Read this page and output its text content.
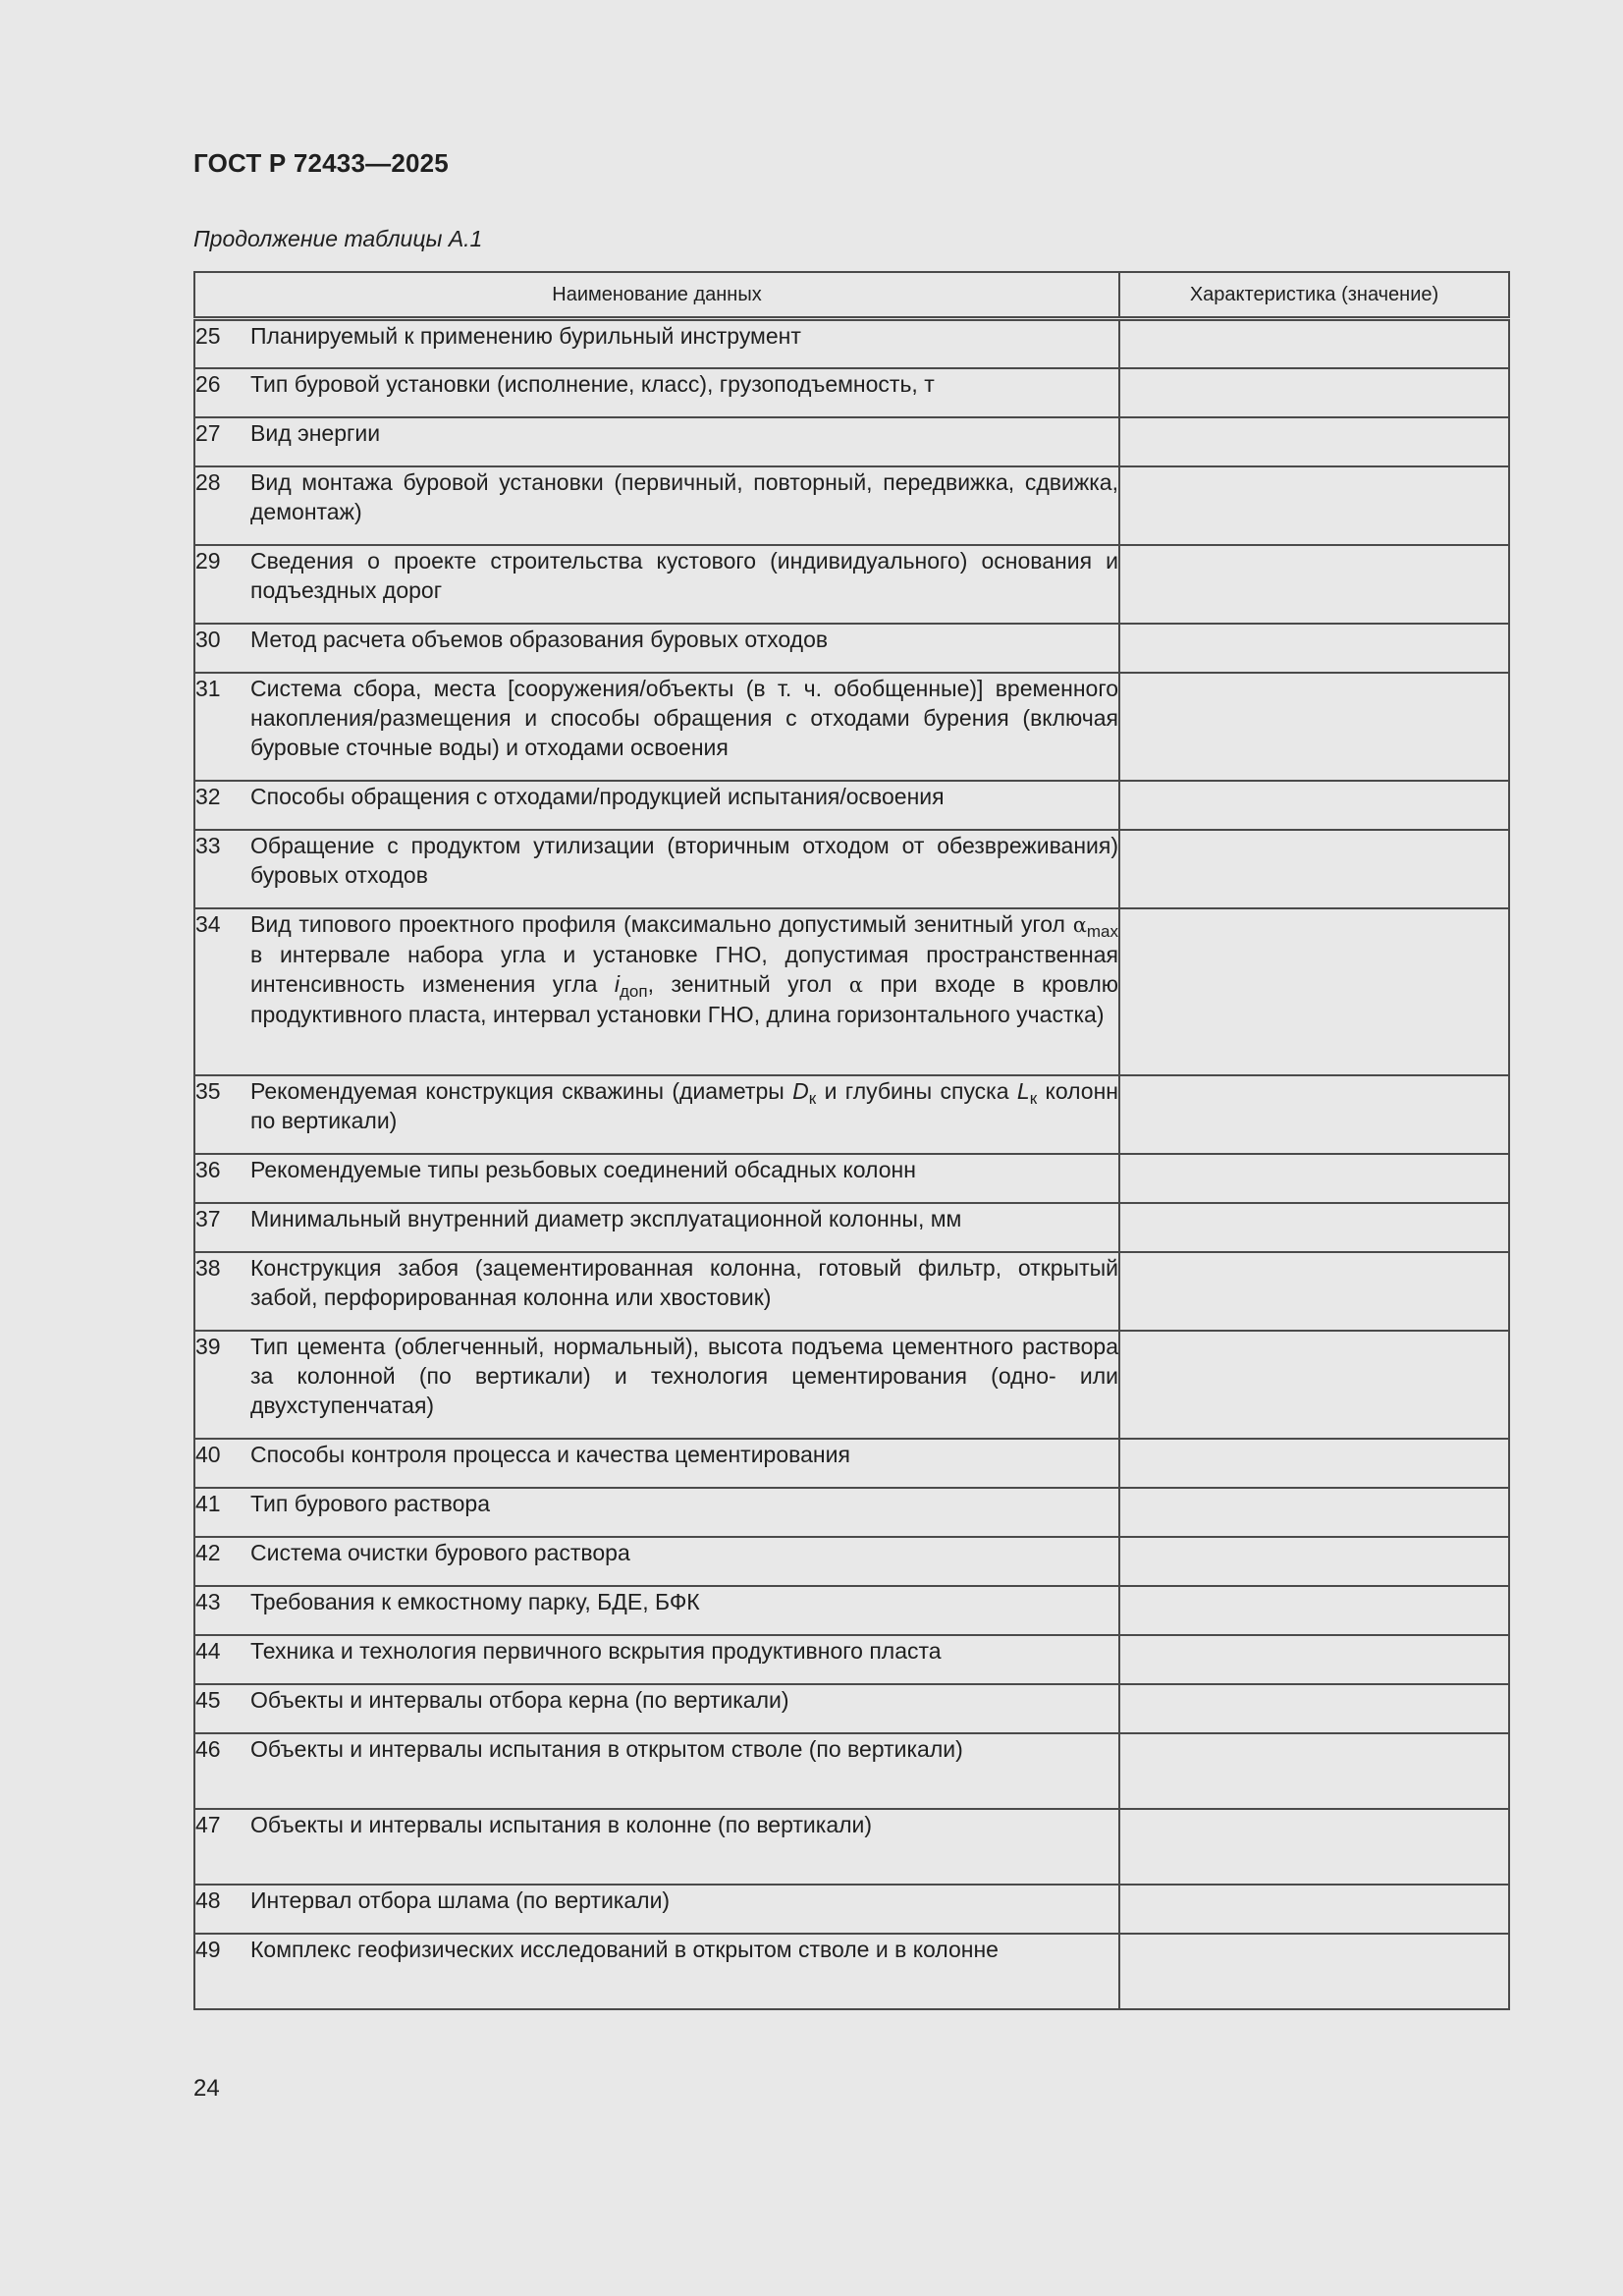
ГОСТ Р 72433—2025
Продолжение таблицы А.1
Наименование данных	Характеристика (значение)

25 Планируемый к применению бурильный инструмент	

26 Тип буровой установки (исполнение, класс), грузоподъемность, т	

27 Вид энергии	

28 Вид монтажа буровой установки (первичный, повторный, передвижка, сдвижка, демонтаж)	

29 Сведения о проекте строительства кустового (индивидуального) основания и подъездных дорог	

30 Метод расчета объемов образования буровых отходов	

31 Система сбора, места [сооружения/объекты (в т. ч. обобщенные)] временного накопления/размещения и способы обращения с отходами бурения (включая буровые сточные воды) и отходами освоения	

32 Способы обращения с отходами/продукцией испытания/освоения	

33 Обращение с продуктом утилизации (вторичным отходом от обезвреживания) буровых отходов	

34 Вид типового проектного профиля (максимально допустимый зенитный угол $\alpha_{max}$ в интервале набора угла и установке ГНО, допустимая пространственная интенсивность изменения угла $i_{доп}$, зенитный угол α при входе в кровлю продуктивного пласта, интервал установки ГНО, длина горизонтального участка)	

35 Рекомендуемая конструкция скважины (диаметры $D_к$ и глубины спуска $L_к$ колонн по вертикали)	

36 Рекомендуемые типы резьбовых соединений обсадных колонн	

37 Минимальный внутренний диаметр эксплуатационной колонны, мм	

38 Конструкция забоя (зацементированная колонна, готовый фильтр, открытый забой, перфорированная колонна или хвостовик)	

39 Тип цемента (облегченный, нормальный), высота подъема цементного раствора за колонной (по вертикали) и технология цементирования (одно- или двухступенчатая)	

40 Способы контроля процесса и качества цементирования	

41 Тип бурового раствора	

42 Система очистки бурового раствора	

43 Требования к емкостному парку, БДЕ, БФК	

44 Техника и технология первичного вскрытия продуктивного пласта	

45 Объекты и интервалы отбора керна (по вертикали)	

46 Объекты и интервалы испытания в открытом стволе (по вертикали)	

47 Объекты и интервалы испытания в колонне (по вертикали)	

48 Интервал отбора шлама (по вертикали)	

49 Комплекс геофизических исследований в открытом стволе и в колонне	

24
